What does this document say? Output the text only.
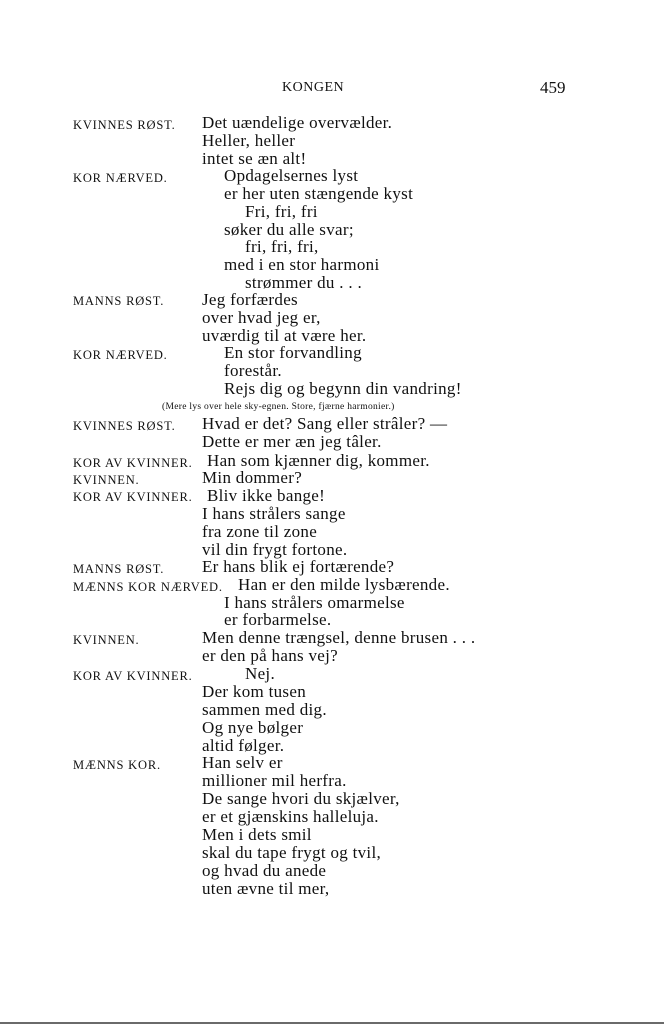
KONGEN	459
KVINNES RØST.
KOR NÆRVED.
MANNS RØST.
KOR NÆRVED.
KVINNES RØST.
KOR AV KVINNER.
KVINNEN.
KOR AV KVINNER.
MANNS RØST.
MÆNNS KOR NÆRVED.
KVINNEN.
KOR AV KVINNER.
MÆNNS KOR.
(Mere lys over hele sky-egnen. Store, fjærne harmonier.)
Det uændelige overvælder.
Heller, heller
intet se æn alt!
Opdagelsernes lyst
er her uten stængende kyst
Fri, fri, fri
søker du alle svar;
fri, fri, fri,
med i en stor harmoni
strømmer du . . .
Jeg forfærdes
over hvad jeg er,
uværdig til at være her.
En stor forvandling
forestår.
Rejs dig og begynn din vandring!
Hvad er det? Sang eller strâler? —
Dette er mer æn jeg tâler.
Han som kjænner dig, kommer.
Min dommer?
Bliv ikke bange!
I hans strålers sange
fra zone til zone
vil din frygt fortone.
Er hans blik ej fortærende?
Han er den milde lysbærende.
I hans strålers omarmelse
er forbarmelse.
Men denne trængsel, denne brusen . . .
er den på hans vej?
Nej.
Der kom tusen
sammen med dig.
Og nye bølger
altid følger.
Han selv er
millioner mil herfra.
De sange hvori du skjælver,
er et gjænskins halleluja.
Men i dets smil
skal du tape frygt og tvil,
og hvad du anede
uten ævne til mer,
